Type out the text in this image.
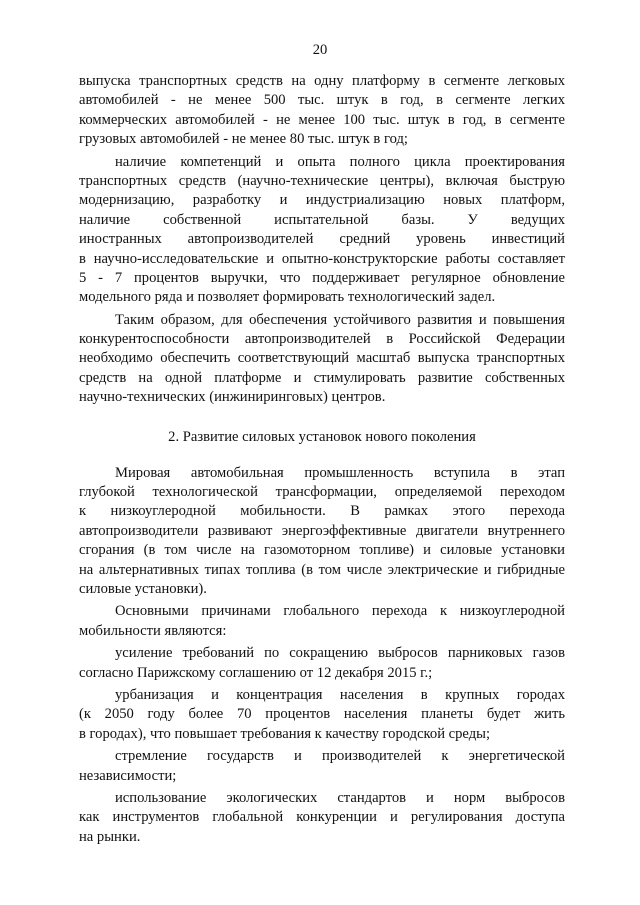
20
выпуска транспортных средств на одну платформу в сегменте легковых
автомобилей - не менее 500 тыс. штук в год, в сегменте легких
коммерческих автомобилей - не менее 100 тыс. штук в год, в сегменте
грузовых автомобилей - не менее 80 тыс. штук в год;
наличие компетенций и опыта полного цикла проектирования
транспортных средств (научно-технические центры), включая быструю
модернизацию, разработку и индустриализацию новых платформ,
наличие собственной испытательной базы. У ведущих
иностранных автопроизводителей средний уровень инвестиций
в научно-исследовательские и опытно-конструкторские работы составляет
5 - 7 процентов выручки, что поддерживает регулярное обновление
модельного ряда и позволяет формировать технологический задел.
Таким образом, для обеспечения устойчивого развития и повышения
конкурентоспособности автопроизводителей в Российской Федерации
необходимо обеспечить соответствующий масштаб выпуска транспортных
средств на одной платформе и стимулировать развитие собственных
научно-технических (инжиниринговых) центров.
2. Развитие силовых установок нового поколения
Мировая автомобильная промышленность вступила в этап
глубокой технологической трансформации, определяемой переходом
к низкоуглеродной мобильности. В рамках этого перехода
автопроизводители развивают энергоэффективные двигатели внутреннего
сгорания (в том числе на газомоторном топливе) и силовые установки
на альтернативных типах топлива (в том числе электрические и гибридные
силовые установки).
Основными причинами глобального перехода к низкоуглеродной
мобильности являются:
усиление требований по сокращению выбросов парниковых газов
согласно Парижскому соглашению от 12 декабря 2015 г.;
урбанизация и концентрация населения в крупных городах
(к 2050 году более 70 процентов населения планеты будет жить
в городах), что повышает требования к качеству городской среды;
стремление государств и производителей к энергетической
независимости;
использование экологических стандартов и норм выбросов
как инструментов глобальной конкуренции и регулирования доступа
на рынки.
